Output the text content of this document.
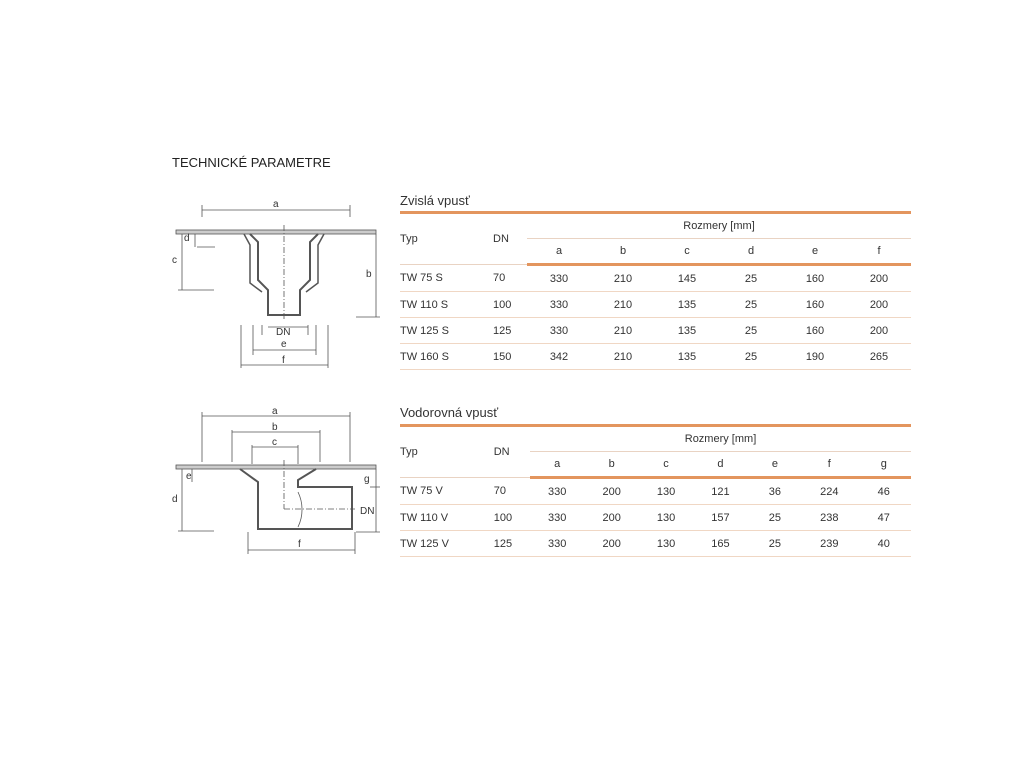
TECHNICKÉ PARAMETRE
a
d
c
b
DN
e
f
a
b
c
e
d
g
DN
f
Zvislá vpusť
Typ	DN	Rozmery [mm]					
		a	b	c	d	e	f
TW 75 S	70	330	210	145	25	160	200
TW 110 S	100	330	210	135	25	160	200
TW 125 S	125	330	210	135	25	160	200
TW 160 S	150	342	210	135	25	190	265
Vodorovná vpusť
Typ	DN	Rozmery [mm]						
		a	b	c	d	e	f	g
TW 75 V	70	330	200	130	121	36	224	46
TW 110 V	100	330	200	130	157	25	238	47
TW 125 V	125	330	200	130	165	25	239	40
